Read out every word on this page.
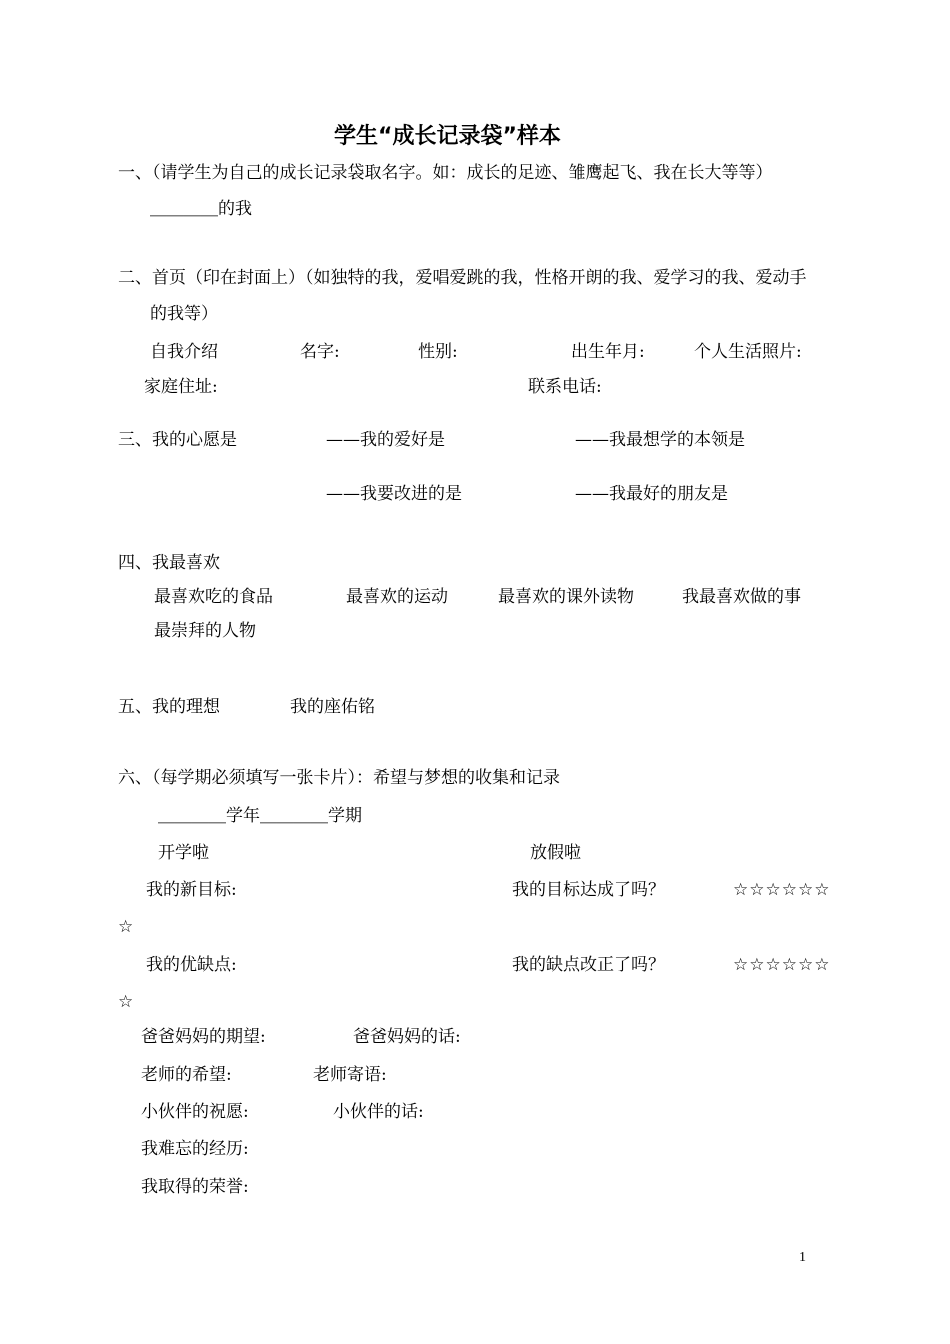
学生“成长记录袋”样本
一、（请学生为自己的成长记录袋取名字。如：成长的足迹、雏鹰起飞、我在长大等等）
＿＿＿＿的我
二、首页（印在封面上）（如独特的我，爱唱爱跳的我，性格开朗的我、爱学习的我、爱动手
的我等）
自我介绍	名字:	性别:	出生年月:	个人生活照片:
家庭住址:	联系电话:
三、我的心愿是	——我的爱好是	——我最想学的本领是
——我要改进的是	——我最好的朋友是
四、我最喜欢
最喜欢吃的食品	最喜欢的运动	最喜欢的课外读物	我最喜欢做的事
最崇拜的人物
五、我的理想	我的座佑铭
六、（每学期必须填写一张卡片）：希望与梦想的收集和记录
＿＿＿＿学年＿＿＿＿学期
开学啦	放假啦
我的新目标:	我的目标达成了吗？	☆☆☆☆☆☆
☆
我的优缺点:	我的缺点改正了吗？	☆☆☆☆☆☆
☆
爸爸妈妈的期望:	爸爸妈妈的话:
老师的希望:	老师寄语:
小伙伴的祝愿:	小伙伴的话:
我难忘的经历:
我取得的荣誉:
1
